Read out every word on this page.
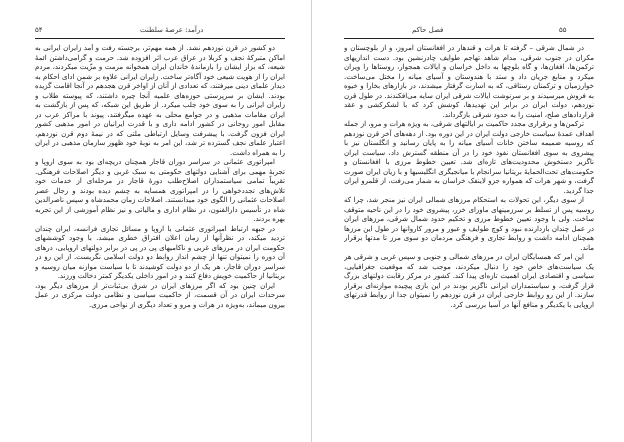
درآمد: عرصهٔ سلطنت
۵۴

دو کشور در قرن نوزدهم نشد. از همه مهم‌تر، برجسته رفت و آمد زایران ایرانی به اماکن متبرکهٔ نجف و کربلا در عراق عرب اثر افزوده شد. حرمت و گرامی‌داشتن ائمهٔ شیعه، که بزار ایشان را بازماندهٔ خاندان ایران همخوانه مرمت و مزّیت میکردند، مردم ایران را از هویت شیعی خود آگاه‌تر ساخت. زایران ایرانی علاوه بر شمن ادای احکام به دیدار علمای دینی میرفتند، که تعدادی از آنان از اواخر قرن هجدهم در آنجا اقامت گزیده بودند. ایشان بر سرپرستی حوزه‌های علمیه آنجا چیره داشتند، که پیوسته طلاب و زایران ایرانی را به سوی خود جلب میکرد. از طریق این شبکه، که پس از بازگشت به ایران مقامات مذهبی و در جوامع محلی به عهده میگرفتند، پیوند با مراکز عرب در مقابل امور روحانی در کشور ادامه داری و با قدرت ایرانیان در امور مذهبی کشور ایران فزون گرفت. با پیشرفت وسایل ارتباطی ملتی که در نیمهٔ دوم قرن نوزدهم، اعتبار علمای نجف گسترده تر شد، این امر به نوبهٔ خود ظهور سازمان مذهبی در ایران را به همراه داشت.

امپراتوری عثمانی در سراسر دوران قاجار همچنان دریچه‌ای بود به سوی اروپا و تجربهٔ مهمی برای آشنایی دولتهای حکومتی به سبک غربی و دیگر اصلاحات فرهنگی. تقریباً تمامی سیاستمداران اصلاح‌طلب دورهٔ قاجار در مرحله‌ای از خدمات خود تلاش‌های تجددخواهی را در امپراتوری همسایه به چشم دیده بودند و رجال عصر اصلاحات عثمانی را الگوی خود میدانستند. اصلاحات زمان محمدشاه و سپس ناصرالدین شاه در تأسیس دارالفنون، در نظام اداری و مالیاتی و نیز نظام آموزشی از این تجربه بهره بردند.

در جبهه ارتباط امپراتوری عثمانی با اروپا و مسائل تجاری فرانسه، ایران چندان تردید میکند، در نظرآنها از زمان اعلان افتراق خطری میشد. با وجود کوششهای حکومت ایران در مرزهای غربی و ناکامیهای پی در پی در برابر دولتهای اروپایی، درهای آن دوره را نمیتوان تنها از چشم انداز روابط دو دولت اسلامی نگریست. از این رو در سراسر دوران قاجار، هر یک از دو دولت کوشیدند تا با سیاست موازنه میان روسیه و بریتانیا از حاکمیت خویش دفاع کنند و در امور داخلی یکدیگر کمتر دخالت ورزند.

ایران چنین بود که اگر مرزهای ایران در شرق بی‌ثبات‌تر از مرزهای دیگر بود، سرحدات ایران در آن قسمت، از حاکمیت سیاسی و نظامی دولت مرکزی در عمل بیرون میماند، به‌ویژه در هرات و مرو و تعداد دیگری از نواحی مرزی.

فصل حاکم	۵۵

در شمال شرقی – گرفته تا هرات و قندهار در افغانستان امروز، و از بلوچستان و مکران در جنوب شرقی، مدام شاهد تهاجم طوایف چادرنشین بود. دست اندازیهای ترکمن‌ها، افغان‌ها، و گاه بلوچها به داخل خراسان و ایالات همجوار، روستاها را ویران میکرد و منابع جریان داد و ستد با هندوستان و آسیای میانه را مختل می‌ساخت. خوارزمیان و ترکمنان رستاقی، که به اسارت گرفتار میشدند، در بازارهای بخارا و خیوه به فروش میرسیدند و بر سرنوشت ایالات شرقی ایران سایه می‌افکندند. در طول قرن نوزدهم، دولت ایران در برابر این تهدیدها، کوشش کرد که با لشکرکشی و عقد قراردادهای صلح، امنیت را به حدود شرقی بازگرداند.

ترکمن‌ها و برقراری مجدد حاکمیت بر ایالتهای شرقی، به ویژه هرات و مرو، از جمله اهداف عمدهٔ سیاست خارجی دولت ایران در این دوره بود. از دهه‌های آخر قرن نوزدهم که روسیه ضمیمه ساختن خانات آسیای میانه را به پایان رسانید و انگلستان نیز با پیشروی به سوی افغانستان نفوذ خود را در آن منطقه گسترش داد، سیاست ایران ناگزیر دستخوش محدودیت‌های تازه‌ای شد. تعیین خطوط مرزی با افغانستان و حکومت‌های تحت‌الحمایهٔ بریتانیا سرانجام با میانجیگری انگلیسیها و با زیان ایران صورت گرفت، و شهر هرات که همواره جزو لاینفک خراسان به شمار می‌رفت، از قلمرو ایران جدا گردید.

از سوی دیگر، این تحولات به استحکام مرزهای شمالی ایران نیز منجر شد، چرا که روسیه پس از تسلط بر سرزمینهای ماورای خزر، پیشروی خود را در این ناحیه متوقف ساخت. ولی با وجود تعیین خطوط مرزی و تحکیم حدود شمال شرقی، مرزهای ایران در عمل چندان بازدارنده نبود و کوچ طوایف و عبور و مرور کاروانها در طول این مرزها همچنان ادامه داشت و روابط تجاری و فرهنگی مردمان دو سوی مرز تا مدتها برقرار ماند.

این امر که همسایگان ایران در مرزهای شمالی و جنوبی و سپس غربی و شرقی هر یک سیاست‌های خاص خود را دنبال میکردند، موجب شد که موقعیت جغرافیایی، سیاسی و اقتصادی ایران اهمیت تازه‌ای پیدا کند. کشور در مرکز رقابت دولتهای بزرگ قرار گرفت، و سیاستمداران ایرانی ناگزیر بودند در این بازی پیچیده موازنه‌ای برقرار سازند. از این رو روابط خارجی ایران در قرن نوزدهم را نمیتوان جدا از روابط قدرتهای اروپایی با یکدیگر و منافع آنها در آسیا بررسی کرد.
